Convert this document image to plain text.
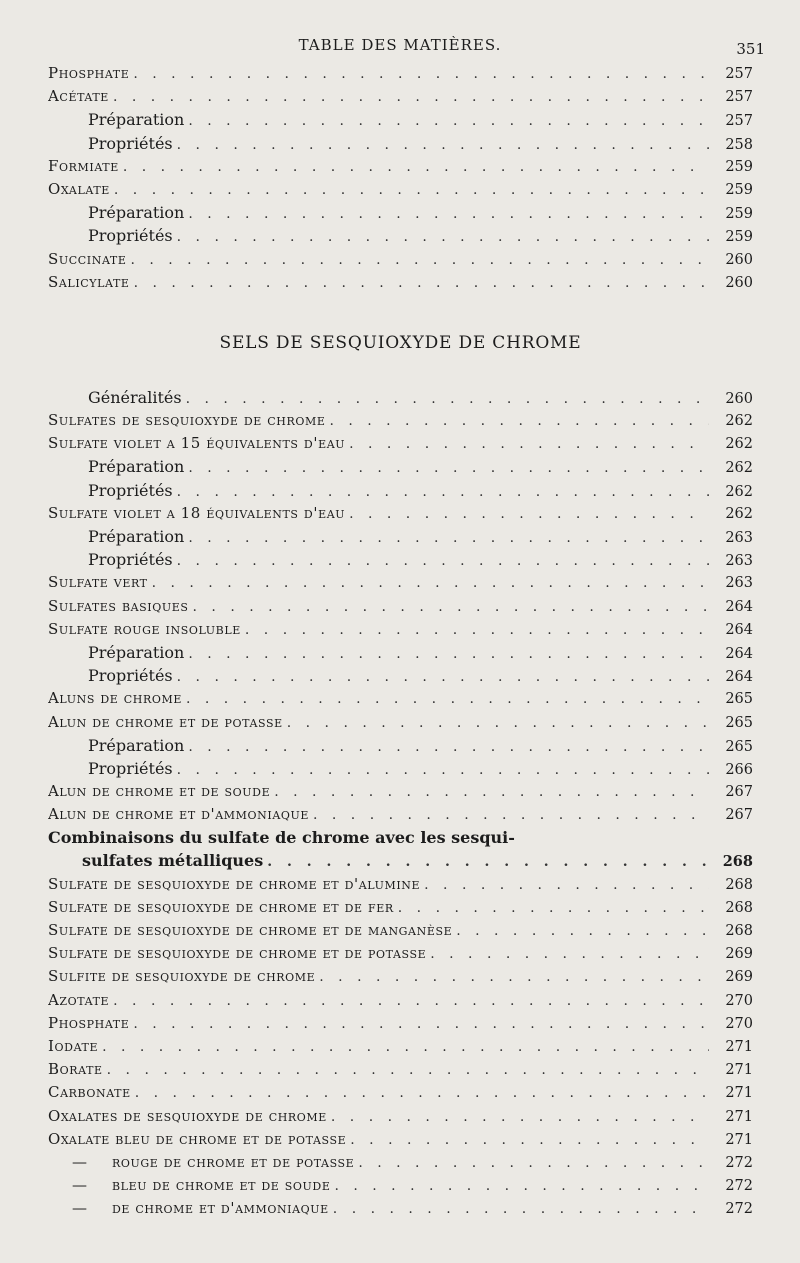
TABLE DES MATIÈRES.	351
Phosphate . . .	257
Acétate . . .	257
Préparation . . .	257
Propriétés . . .	258
Formiate . . .	259
Oxalate . . .	259
Préparation . . .	259
Propriétés . . .	259
Succinate . . .	260
Salicylate . . .	260
SELS DE SESQUIOXYDE DE CHROME
Généralités . . .	260
Sulfates de sesquioxyde de chrome . . .	262
Sulfate violet a 15 équivalents d'eau . . .	262
Préparation . . .	262
Propriétés . . .	262
Sulfate violet a 18 équivalents d'eau . . .	262
Préparation . . .	263
Propriétés . . .	263
Sulfate vert . . .	263
Sulfates basiques . . .	264
Sulfate rouge insoluble . . .	264
Préparation . . .	264
Propriétés . . .	264
Aluns de chrome . . .	265
Alun de chrome et de potasse . . .	265
Préparation . . .	265
Propriétés . . .	266
Alun de chrome et de soude . . .	267
Alun de chrome et d'ammoniaque . . .	267
Combinaisons du sulfate de chrome avec les sesqui-
sulfates métalliques . . .	268
Sulfate de sesquioxyde de chrome et d'alumine . . .	268
Sulfate de sesquioxyde de chrome et de fer . . .	268
Sulfate de sesquioxyde de chrome et de manganèse . . .	268
Sulfate de sesquioxyde de chrome et de potasse . . .	269
Sulfite de sesquioxyde de chrome . . .	269
Azotate . . .	270
Phosphate . . .	270
Iodate . . .	271
Borate . . .	271
Carbonate . . .	271
Oxalates de sesquioxyde de chrome . . .	271
Oxalate bleu de chrome et de potasse . . .	271
— rouge de chrome et de potasse . . .	272
— bleu de chrome et de soude . . .	272
— de chrome et d'ammoniaque . . .	272
